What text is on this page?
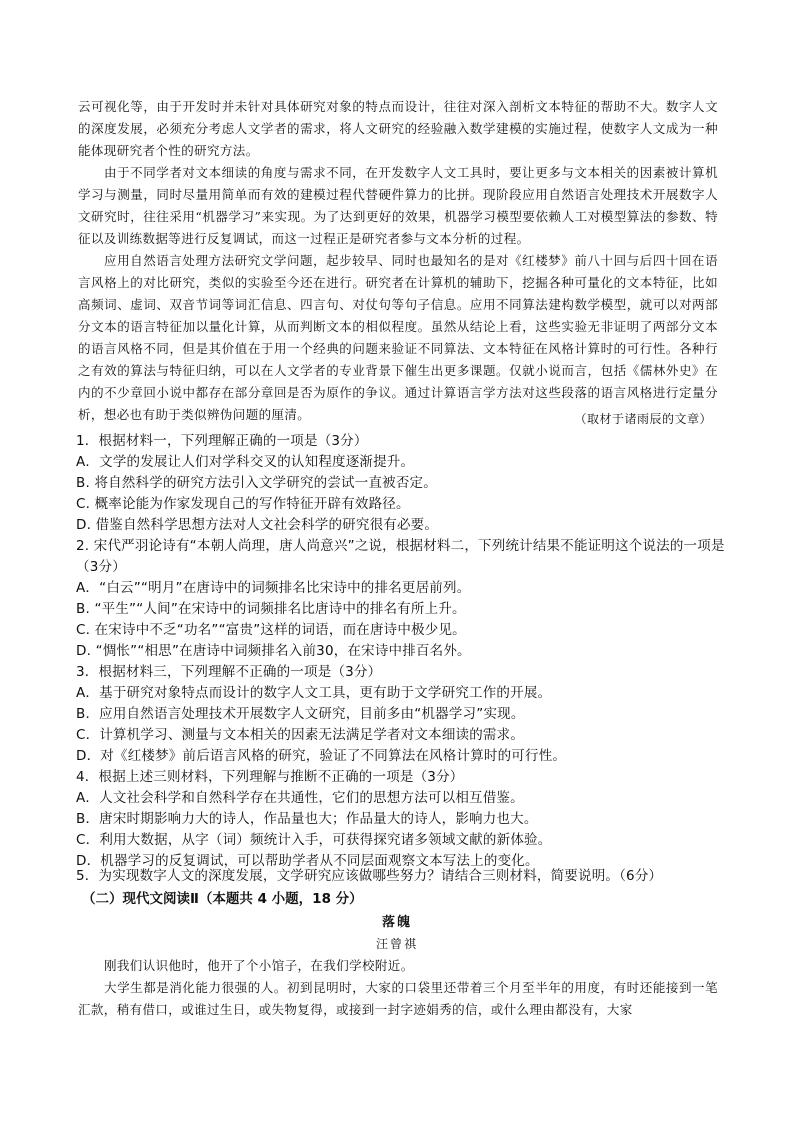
云可视化等，由于开发时并未针对具体研究对象的特点而设计，往往对深入剖析文本特征的帮助不大。数字人文的深度发展，必须充分考虑人文学者的需求，将人文研究的经验融入数学建模的实施过程，使数字人文成为一种能体现研究者个性的研究方法。
由于不同学者对文本细读的角度与需求不同，在开发数字人文工具时，要让更多与文本相关的因素被计算机学习与测量，同时尽量用简单而有效的建模过程代替硬件算力的比拼。现阶段应用自然语言处理技术开展数字人文研究时，往往采用“机器学习”来实现。为了达到更好的效果，机器学习模型要依赖人工对模型算法的参数、特征以及训练数据等进行反复调试，而这一过程正是研究者参与文本分析的过程。
应用自然语言处理方法研究文学问题，起步较早、同时也最知名的是对《红楼梦》前八十回与后四十回在语言风格上的对比研究，类似的实验至今还在进行。研究者在计算机的辅助下，挖掘各种可量化的文本特征，比如高频词、虚词、双音节词等词汇信息、四言句、对仗句等句子信息。应用不同算法建构数学模型，就可以对两部分文本的语言特征加以量化计算，从而判断文本的相似程度。虽然从结论上看，这些实验无非证明了两部分文本的语言风格不同，但是其价值在于用一个经典的问题来验证不同算法、文本特征在风格计算时的可行性。各种行之有效的算法与特征归纳，可以在人文学者的专业背景下催生出更多课题。仅就小说而言，包括《儒林外史》在内的不少章回小说中都存在部分章回是否为原作的争议。通过计算语言学方法对这些段落的语言风格进行定量分析，想必也有助于类似辨伪问题的厘清。	（取材于诸雨辰的文章）
1．根据材料一，下列理解正确的一项是（3分）
A．文学的发展让人们对学科交叉的认知程度逐渐提升。
B. 将自然科学的研究方法引入文学研究的尝试一直被否定。
C. 概率论能为作家发现自己的写作特征开辟有效路径。
D. 借鉴自然科学思想方法对人文社会科学的研究很有必要。
2. 宋代严羽论诗有“本朝人尚理，唐人尚意兴”之说，根据材料二，下列统计结果不能证明这个说法的一项是（3分）
A．“白云”“明月”在唐诗中的词频排名比宋诗中的排名更居前列。
B. “平生”“人间”在宋诗中的词频排名比唐诗中的排名有所上升。
C. 在宋诗中不乏“功名”“富贵”这样的词语，而在唐诗中极少见。
D. “惆怅”“相思”在唐诗中词频排名入前30，在宋诗中排百名外。
3．根据材料三，下列理解不正确的一项是（3分）
A．基于研究对象特点而设计的数字人文工具，更有助于文学研究工作的开展。
B．应用自然语言处理技术开展数字人文研究，目前多由“机器学习”实现。
C．计算机学习、测量与文本相关的因素无法满足学者对文本细读的需求。
D．对《红楼梦》前后语言风格的研究，验证了不同算法在风格计算时的可行性。
4．根据上述三则材料，下列理解与推断不正确的一项是（3分）
A．人文社会科学和自然科学存在共通性，它们的思想方法可以相互借鉴。
B．唐宋时期影响力大的诗人，作品量也大；作品量大的诗人，影响力也大。
C．利用大数据，从字（词）频统计入手，可获得探究诸多领域文献的新体验。
D．机器学习的反复调试，可以帮助学者从不同层面观察文本写法上的变化。
5．为实现数字人文的深度发展，文学研究应该做哪些努力？请结合三则材料，简要说明。（6分）
（二）现代文阅读Ⅱ（本题共 4 小题，18 分）
落魄
汪曾祺
刚我们认识他时，他开了个小馆子，在我们学校附近。
大学生都是消化能力很强的人。初到昆明时，大家的口袋里还带着三个月至半年的用度，有时还能接到一笔汇款，稍有借口，或谁过生日，或失物复得，或接到一封字迹娟秀的信，或什么理由都没有，大家
